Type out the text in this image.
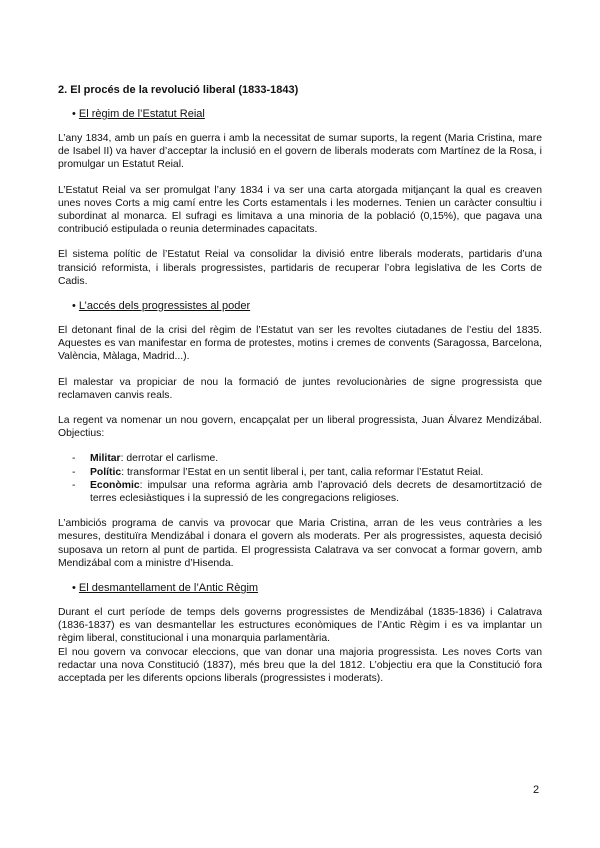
2. El procés de la revolució liberal (1833-1843)
• El règim de l’Estatut Reial

L’any 1834, amb un país en guerra i amb la necessitat de sumar suports, la regent (Maria Cristina, mare de Isabel II) va haver d’acceptar la inclusió en el govern de liberals moderats com Martínez de la Rosa, i promulgar un Estatut Reial.

L’Estatut Reial va ser promulgat l’any 1834 i va ser una carta atorgada mitjançant la qual es creaven unes noves Corts a mig camí entre les Corts estamentals i les modernes. Tenien un caràcter consultiu i subordinat al monarca. El sufragi es limitava a una minoria de la població (0,15%), que pagava una contribució estipulada o reunia determinades capacitats.

El sistema polític de l’Estatut Reial va consolidar la divisió entre liberals moderats, partidaris d’una transició reformista, i liberals progressistes, partidaris de recuperar l’obra legislativa de les Corts de Cadis.

• L’accés dels progressistes al poder

El detonant final de la crisi del règim de l’Estatut van ser les revoltes ciutadanes de l’estiu del 1835. Aquestes es van manifestar en forma de protestes, motins i cremes de convents (Saragossa, Barcelona, València, Màlaga, Madrid...).

El malestar va propiciar de nou la formació de juntes revolucionàries de signe progressista que reclamaven canvis reals.

La regent va nomenar un nou govern, encapçalat per un liberal progressista, Juan Álvarez Mendizábal. Objectius:

- Militar: derrotar el carlisme.
- Polític: transformar l’Estat en un sentit liberal i, per tant, calia reformar l’Estatut Reial.
- Econòmic: impulsar una reforma agrària amb l’aprovació dels decrets de desamortització de terres eclesiàstiques i la supressió de les congregacions religioses.

L’ambiciós programa de canvis va provocar que Maria Cristina, arran de les veus contràries a les mesures, destituïra Mendizábal i donara el govern als moderats. Per als progressistes, aquesta decisió suposava un retorn al punt de partida. El progressista Calatrava va ser convocat a formar govern, amb Mendizábal com a ministre d’Hisenda.

• El desmantellament de l’Antic Règim

Durant el curt període de temps dels governs progressistes de Mendizábal (1835-1836) i Calatrava (1836-1837) es van desmantellar les estructures econòmiques de l’Antic Règim i es va implantar un règim liberal, constitucional i una monarquia parlamentària.

El nou govern va convocar eleccions, que van donar una majoria progressista. Les noves Corts van redactar una nova Constitució (1837), més breu que la del 1812. L’objectiu era que la Constitució fora acceptada per les diferents opcions liberals (progressistes i moderats).

2
